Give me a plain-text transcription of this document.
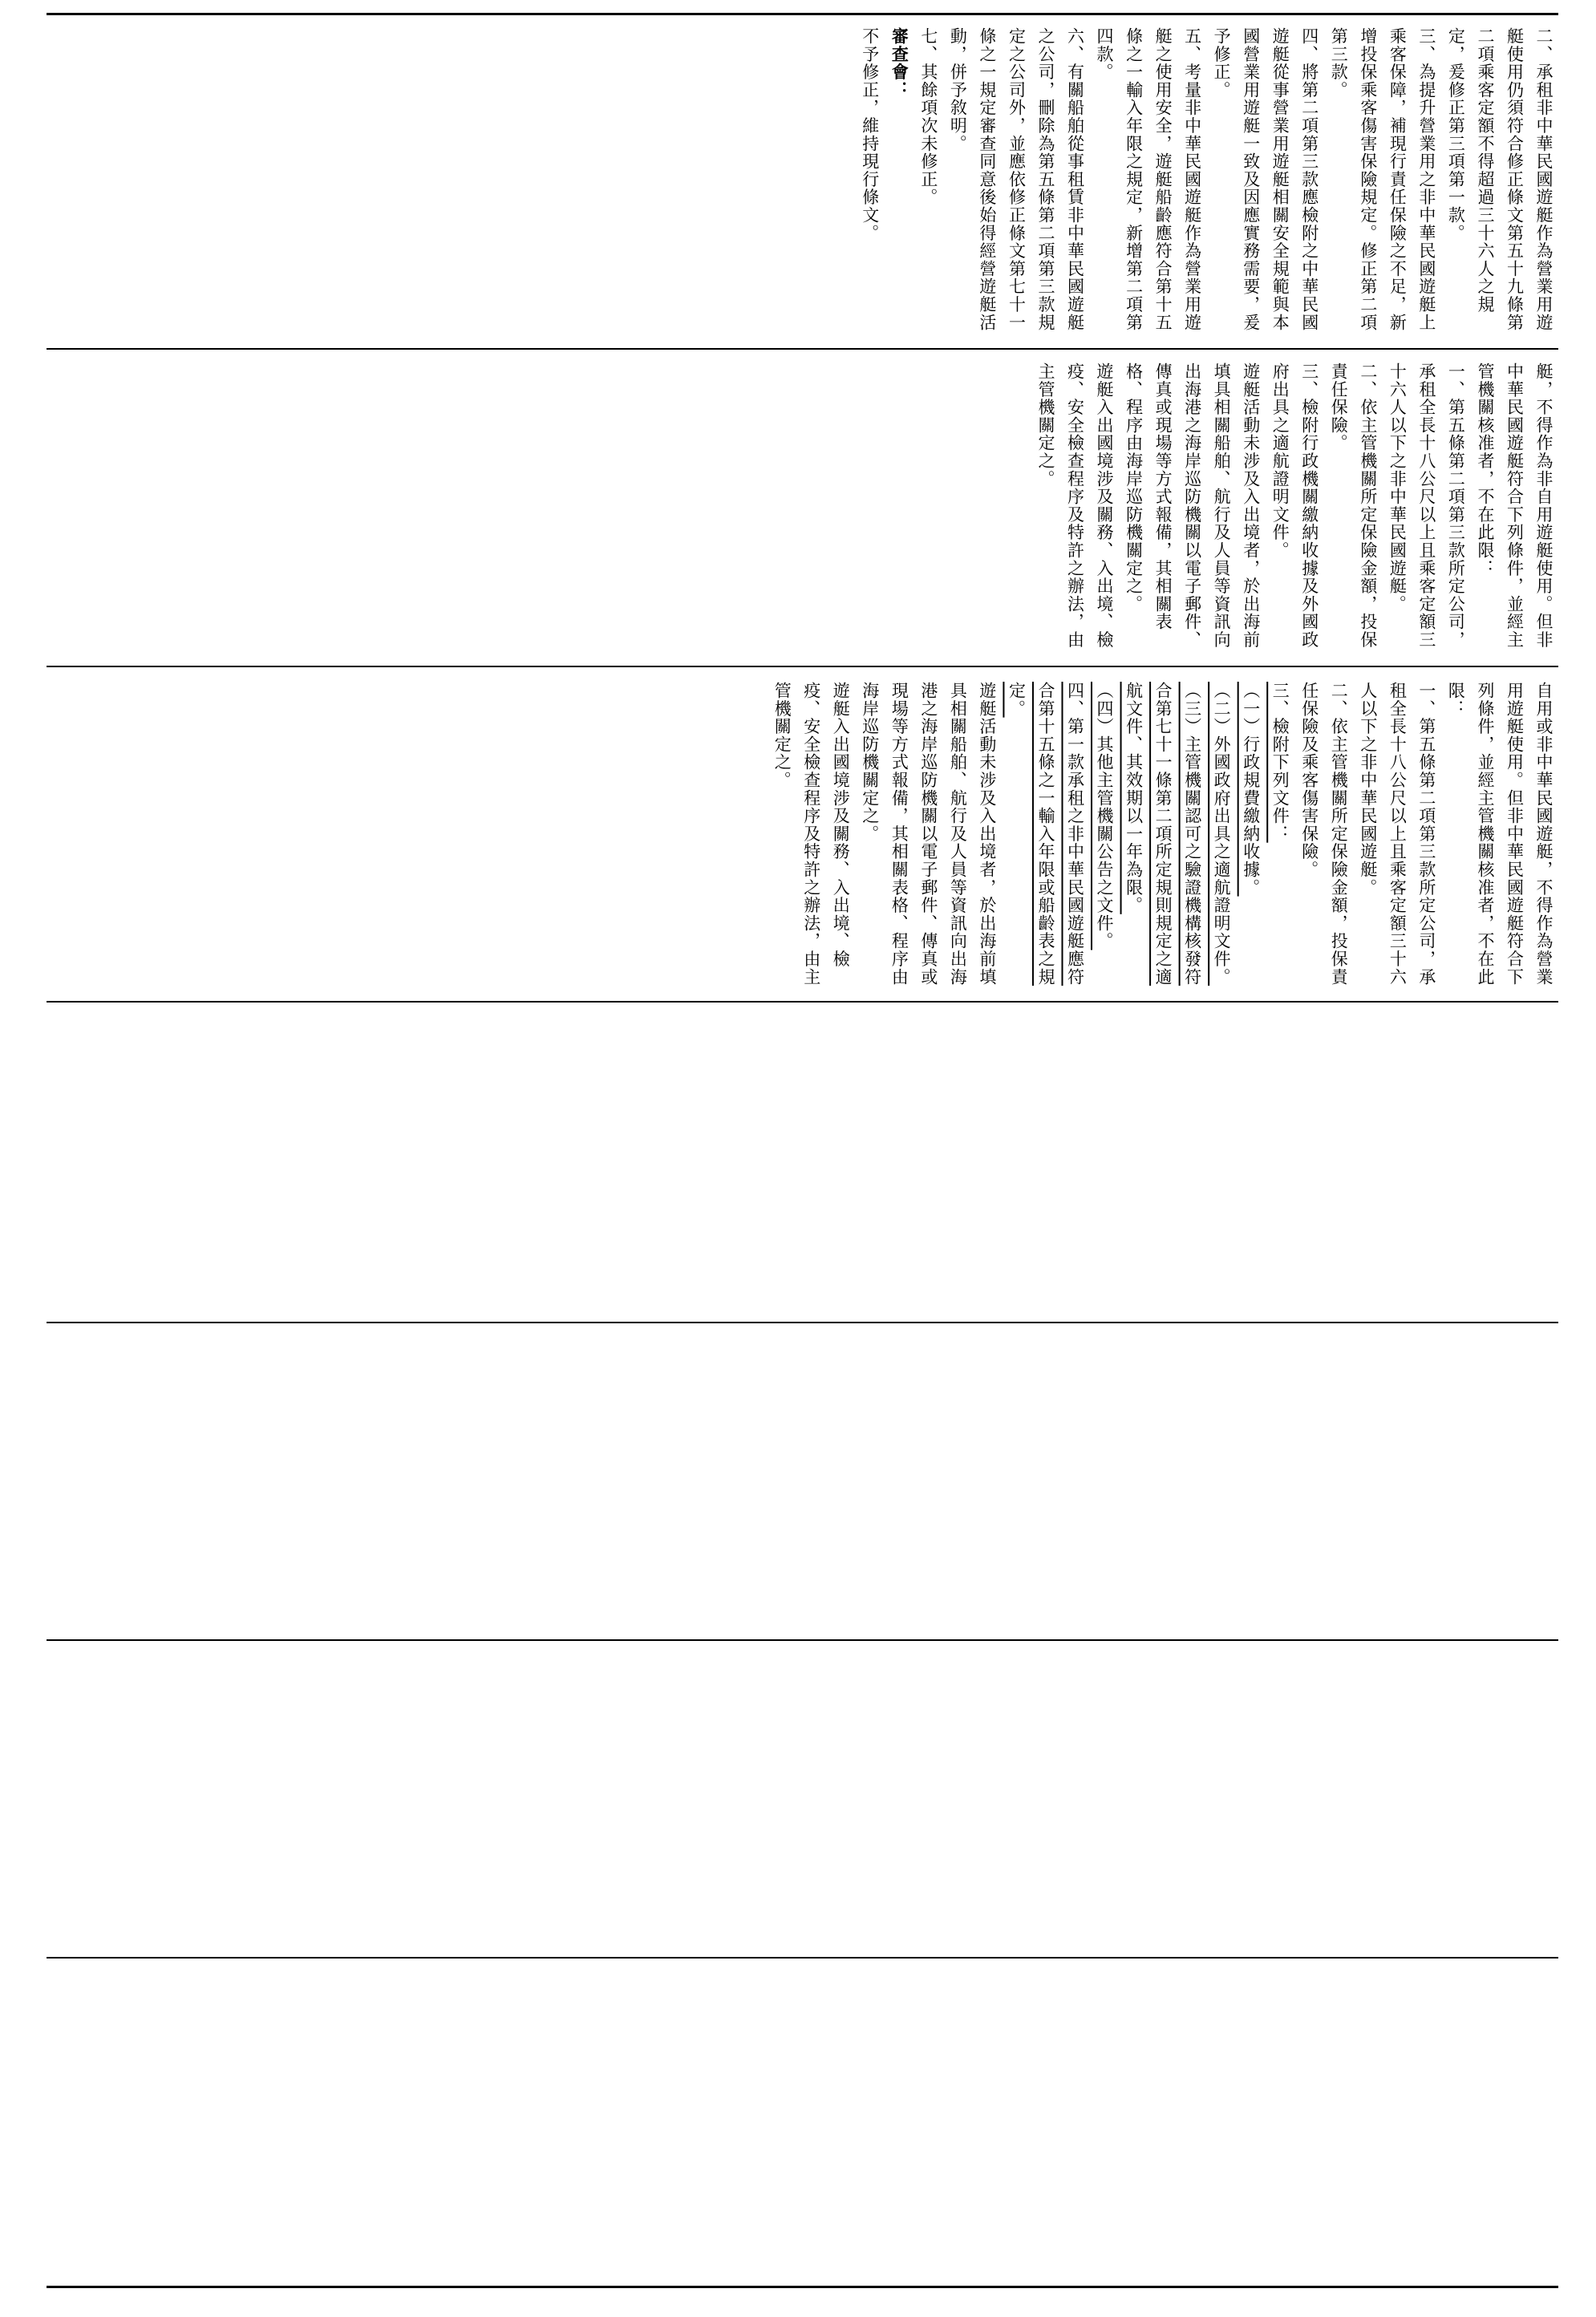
二、承租非中華民國遊艇作為營業用遊艇使用仍須符合修正條文第五十九條第二項乘客定額不得超過三十六人之規定，爰修正第三項第一款。
三、為提升營業用之非中華民國遊艇上乘客保障，補現行責任保險之不足，新增投保乘客傷害保險規定。修正第二項第三款。
四、將第二項第三款應檢附之中華民國遊艇從事營業用遊艇相關安全規範與本國營業用遊艇一致及因應實務需要，爰予修正。
五、考量非中華民國遊艇作為營業用遊艇之使用安全，遊艇船齡應符合第十五條之一輸入年限之規定，新增第二項第四款。
六、有關船舶從事租賃非中華民國遊艇之公司，刪除為第五條第二項第三款規定之公司外，並應依修正條文第七十一條之一規定審查同意後始得經營遊艇活動，併予敘明。
七、其餘項次未修正。
審查會：
不予修正，維持現行條文。
艇，不得作為非自用遊艇使用。但非中華民國遊艇符合下列條件，並經主管機關核准者，不在此限：
一、第五條第二項第三款所定公司，承租全長十八公尺以上且乘客定額三十六人以下之非中華民國遊艇。
二、依主管機關所定保險金額，投保責任保險。
三、檢附行政機關繳納收據及外國政府出具之適航證明文件。
遊艇活動未涉及入出境者，於出海前填具相關船舶、航行及人員等資訊向出海港之海岸巡防機關以電子郵件、傳真或現場等方式報備，其相關表格、程序由海岸巡防機關定之。
遊艇入出國境涉及關務、入出境、檢疫、安全檢查程序及特許之辦法，由主管機關定之。
自用或非中華民國遊艇，不得作為營業用遊艇使用。但非中華民國遊艇符合下列條件，並經主管機關核准者，不在此限：
一、第五條第二項第三款所定公司，承租全長十八公尺以上且乘客定額三十六人以下之非中華民國遊艇。
二、依主管機關所定保險金額，投保責任保險及乘客傷害保險。
三、檢附下列文件：
（一）行政規費繳納收據。
（二）外國政府出具之適航證明文件。
（三）主管機關認可之驗證機構核發符合第七十一條第二項所定規則規定之適航文件、其效期以一年為限。
（四）其他主管機關公告之文件。
四、第一款承租之非中華民國遊艇應符合第十五條之一輸入年限或船齡表之規定。
遊艇活動未涉及入出境者，於出海前填具相關船舶、航行及人員等資訊向出海港之海岸巡防機關以電子郵件、傳真或現場等方式報備，其相關表格、程序由海岸巡防機關定之。
遊艇入出國境涉及關務、入出境、檢疫、安全檢查程序及特許之辦法，由主管機關定之。
